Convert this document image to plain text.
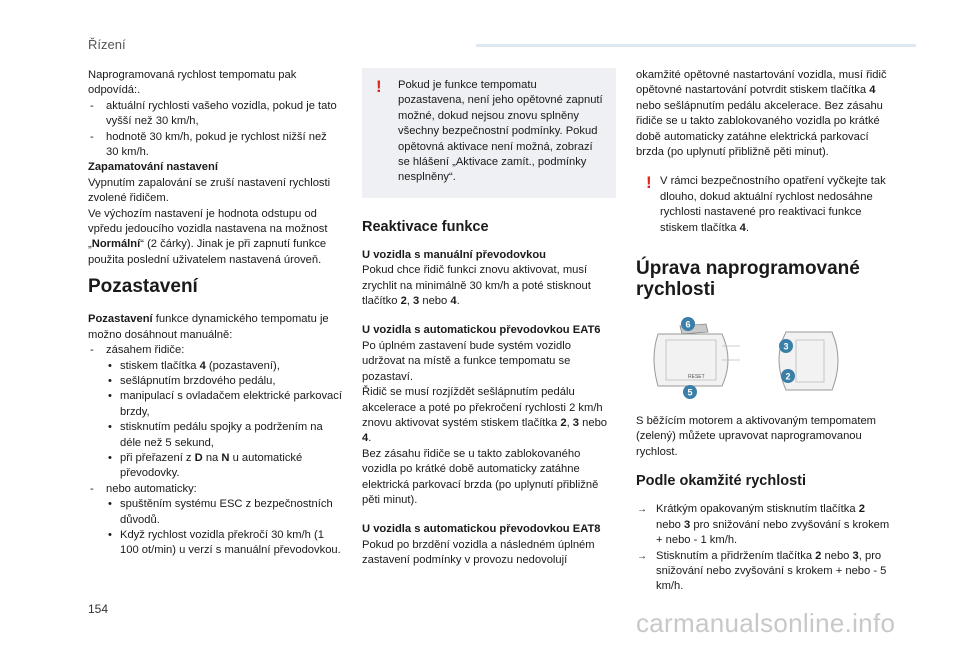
Řízení

Naprogramovaná rychlost tempomatu pak odpovídá:.

- aktuální rychlosti vašeho vozidla, pokud je tato vyšší než 30 km/h,
- hodnotě 30 km/h, pokud je rychlost nižší než 30 km/h.

Zapamatování nastavení

Vypnutím zapalování se zruší nastavení rychlosti zvolené řidičem.

Ve výchozím nastavení je hodnota odstupu od vpředu jedoucího vozidla nastavena na možnost „Normální“ (2 čárky). Jinak je při zapnutí funkce použita poslední uživatelem nastavená úroveň.

Pozastavení

Pozastavení funkce dynamického tempomatu je možno dosáhnout manuálně:

- zásahem řidiče:
• stiskem tlačítka 4 (pozastavení),
• sešlápnutím brzdového pedálu,
• manipulací s ovladačem elektrické parkovací brzdy,
• stisknutím pedálu spojky a podržením na déle než 5 sekund,
• při přeřazení z D na N u automatické převodovky.
- nebo automaticky:
• spuštěním systému ESC z bezpečnostních důvodů.
• Když rychlost vozidla překročí 30 km/h (1 100 ot/min) u verzí s manuální převodovkou.
! Pokud je funkce tempomatu pozastavena, není jeho opětovné zapnutí možné, dokud nejsou znovu splněny všechny bezpečnostní podmínky. Pokud opětovná aktivace není možná, zobrazí se hlášení „Aktivace zamít., podmínky nesplněny“.

Reaktivace funkce

U vozidla s manuální převodovkou

Pokud chce řidič funkci znovu aktivovat, musí zrychlit na minimálně 30 km/h a poté stisknout tlačítko 2, 3 nebo 4.

U vozidla s automatickou převodovkou EAT6

Po úplném zastavení bude systém vozidlo udržovat na místě a funkce tempomatu se pozastaví.

Řidič se musí rozjíždět sešlápnutím pedálu akcelerace a poté po překročení rychlosti 2 km/h znovu aktivovat systém stiskem tlačítka 2, 3 nebo 4.

Bez zásahu řidiče se u takto zablokovaného vozidla po krátké době automaticky zatáhne elektrická parkovací brzda (po uplynutí přibližně pěti minut).

U vozidla s automatickou převodovkou EAT8

Pokud po brzdění vozidla a následném úplném zastavení podmínky v provozu nedovolují

okamžité opětovné nastartování vozidla, musí řidič opětovné nastartování potvrdit stiskem tlačítka 4 nebo sešlápnutím pedálu akcelerace. Bez zásahu řidiče se u takto zablokovaného vozidla po krátké době automaticky zatáhne elektrická parkovací brzda (po uplynutí přibližně pěti minut).

! V rámci bezpečnostního opatření vyčkejte tak dlouho, dokud aktuální rychlost nedosáhne rychlosti nastavené pro reaktivaci funkce stiskem tlačítka 4.

Úprava naprogramované rychlosti
RESET
6
3
2
5

S běžícím motorem a aktivovaným tempomatem (zelený) můžete upravovat naprogramovanou rychlost.

Podle okamžité rychlosti
→ Krátkým opakovaným stisknutím tlačítka 2 nebo 3 pro snižování nebo zvyšování s krokem + nebo - 1 km/h.
→ Stisknutím a přidržením tlačítka 2 nebo 3, pro snižování nebo zvyšování s krokem + nebo - 5 km/h.
154	carmanualsonline.info
